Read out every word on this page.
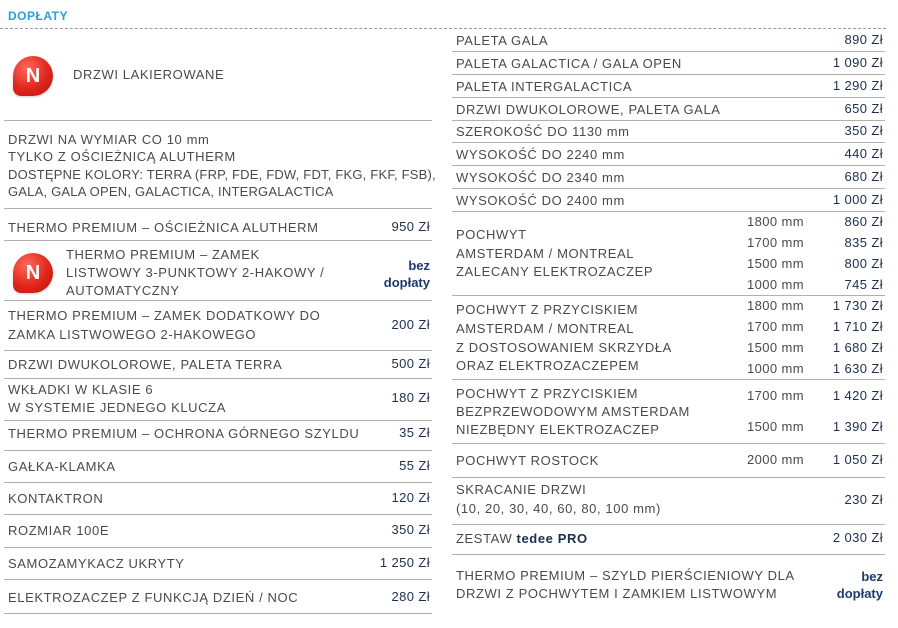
DOPŁATY
N	DRZWI LAKIEROWANE
DRZWI NA WYMIAR CO 10 mm
TYLKO Z OŚCIEŻNICĄ ALUTHERM
DOSTĘPNE KOLORY: TERRA (FRP, FDE, FDW, FDT, FKG, FKF, FSB),
GALA, GALA OPEN, GALACTICA, INTERGALACTICA
THERMO PREMIUM – OŚCIEŻNICA ALUTHERM	950 Zł
N
THERMO PREMIUM – ZAMEK
LISTWOWY 3-PUNKTOWY 2-HAKOWY /
AUTOMATYCZNY
bez
dopłaty
THERMO PREMIUM – ZAMEK DODATKOWY DO
ZAMKA LISTWOWEGO 2-HAKOWEGO
200 Zł
DRZWI DWUKOLOROWE, PALETA TERRA	500 Zł
WKŁADKI W KLASIE 6
W SYSTEMIE JEDNEGO KLUCZA
180 Zł
THERMO PREMIUM – OCHRONA GÓRNEGO SZYLDU	35 Zł
GAŁKA-KLAMKA	55 Zł
KONTAKTRON	120 Zł
ROZMIAR 100E	350 Zł
SAMOZAMYKACZ UKRYTY	1 250 Zł
ELEKTROZACZEP Z FUNKCJĄ DZIEŃ / NOC	280 Zł
PALETA GALA	890 Zł
PALETA GALACTICA / GALA OPEN	1 090 Zł
PALETA INTERGALACTICA	1 290 Zł
DRZWI DWUKOLOROWE, PALETA GALA	650 Zł
SZEROKOŚĆ DO 1130 mm	350 Zł
WYSOKOŚĆ DO 2240 mm	440 Zł
WYSOKOŚĆ DO 2340 mm	680 Zł
WYSOKOŚĆ DO 2400 mm	1 000 Zł
POCHWYT
AMSTERDAM / MONTREAL
ZALECANY ELEKTROZACZEP
1800 mm	860 Zł
1700 mm	835 Zł
1500 mm	800 Zł
1000 mm	745 Zł
POCHWYT Z PRZYCISKIEM
AMSTERDAM / MONTREAL
Z DOSTOSOWANIEM SKRZYDŁA
ORAZ ELEKTROZACZEPEM
1800 mm 1 730 Zł
1700 mm 1 710 Zł
1500 mm 1 680 Zł
1000 mm 1 630 Zł
POCHWYT Z PRZYCISKIEM
BEZPRZEWODOWYM AMSTERDAM
NIEZBĘDNY ELEKTROZACZEP
1700 mm 1 420 Zł
1500 mm 1 390 Zł
POCHWYT ROSTOCK	2000 mm 1 050 Zł
SKRACANIE DRZWI
(10, 20, 30, 40, 60, 80, 100 mm)
230 Zł
ZESTAW tedee PRO	2 030 Zł
THERMO PREMIUM – SZYLD PIERŚCIENIOWY DLA
DRZWI Z POCHWYTEM I ZAMKIEM LISTWOWYM
bez
dopłaty
